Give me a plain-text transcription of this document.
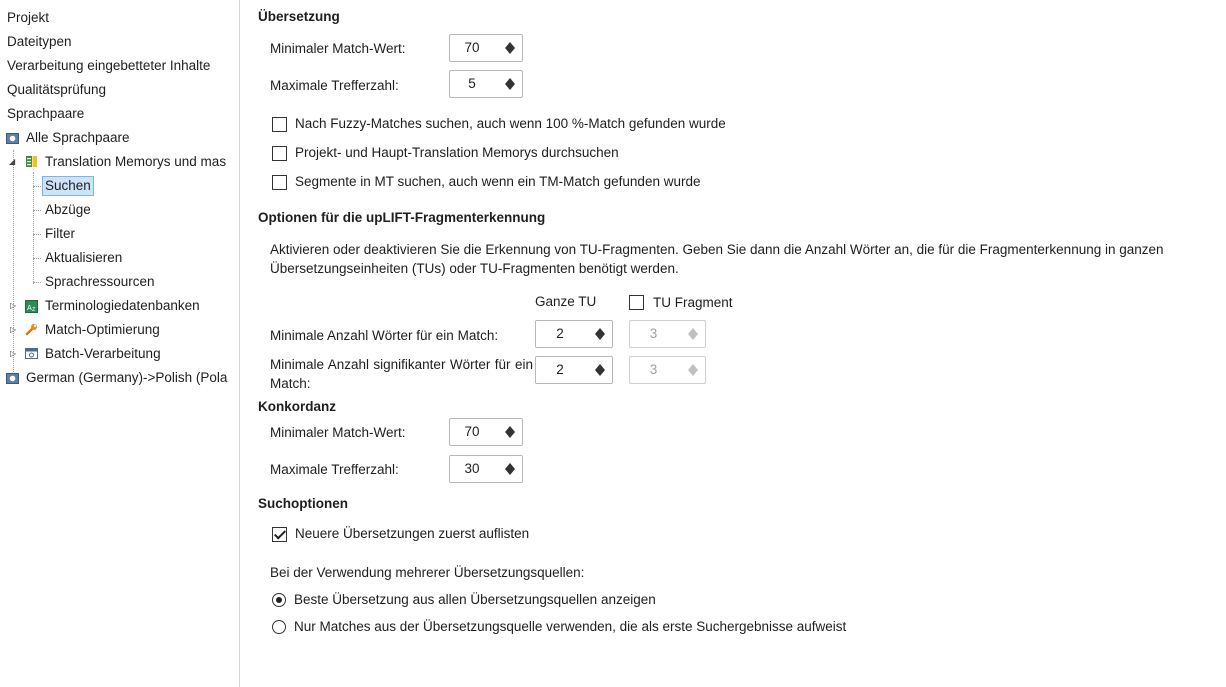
Projekt
Dateitypen
Verarbeitung eingebetteter Inhalte
Qualitätsprüfung
Sprachpaare
Alle Sprachpaare
◢ Translation Memorys und mas
Suchen
Abzüge
Filter
Aktualisieren
Sprachressourcen
▷	A Z Terminologiedatenbanken
▷ Match-Optimierung
▷ Batch-Verarbeitung
German (Germany)->Polish (Pola
Übersetzung
Minimaler Match-Wert:	70
Maximale Trefferzahl:	5
Nach Fuzzy-Matches suchen, auch wenn 100 %-Match gefunden wurde
Projekt- und Haupt-Translation Memorys durchsuchen
Segmente in MT suchen, auch wenn ein TM-Match gefunden wurde
Optionen für die upLIFT-Fragmenterkennung
Aktivieren oder deaktivieren Sie die Erkennung von TU-Fragmenten. Geben Sie dann die Anzahl Wörter an, die für die Fragmenterkennung in ganzen Übersetzungseinheiten (TUs) oder TU-Fragmenten benötigt werden.
Ganze TU	TU Fragment
Minimale Anzahl Wörter für ein Match:	2	3
Minimale Anzahl signifikanter Wörter für ein Match:
2	3
Konkordanz
Minimaler Match-Wert:	70
Maximale Trefferzahl:	30
Suchoptionen
Neuere Übersetzungen zuerst auflisten
Bei der Verwendung mehrerer Übersetzungsquellen:
Beste Übersetzung aus allen Übersetzungsquellen anzeigen
Nur Matches aus der Übersetzungsquelle verwenden, die als erste Suchergebnisse aufweist
